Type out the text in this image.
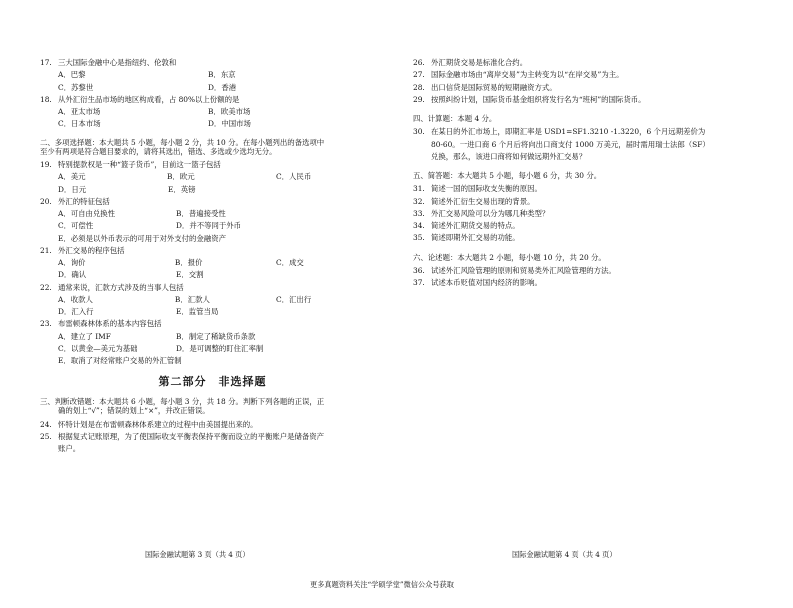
17. 三大国际金融中心是指纽约、伦敦和
A．巴黎	B．东京
C．苏黎世	D．香港
18. 从外汇衍生品市场的地区构成看，占 80%以上份额的是
A．亚太市场	B．欧美市场
C．日本市场	D．中国市场
二、多项选择题：本大题共 5 小题，每小题 2 分，共 10 分。在每小题列出的备选项中
至少有两项是符合题目要求的，请将其选出，错选、多选或少选均无分。
19. 特别提款权是一种“篮子货币”，目前这一篮子包括
A．美元	B．欧元	C．人民币
D．日元	E．英镑
20. 外汇的特征包括
A．可自由兑换性	B．普遍接受性
C．可偿性	D．并不等同于外币
E．必须是以外币表示的可用于对外支付的金融资产
21. 外汇交易的程序包括
A．询价	B．报价	C．成交
D．确认	E．交割
22. 通常来说，汇款方式涉及的当事人包括
A．收款人	B．汇款人	C．汇出行
D．汇入行	E．监管当局
23. 布雷顿森林体系的基本内容包括
A．建立了 IMF	B．制定了稀缺货币条款
C．以黄金—美元为基础	D．是可调整的盯住汇率制
E．取消了对经常账户交易的外汇管制
第二部分　非选择题
三、判断改错题：本大题共 6 小题，每小题 3 分，共 18 分。判断下列各题的正误，正
确的划上“√”；错误的划上“×”，并改正错误。
24. 怀特计划是在布雷顿森林体系建立的过程中由美国提出来的。
25. 根据复式记账原理，为了使国际收支平衡表保持平衡而设立的平衡账户是储备资产
账户。
26. 外汇期货交易是标准化合约。
27. 国际金融市场由“离岸交易”为主转变为以“在岸交易”为主。
28. 出口信贷是国际贸易的短期融资方式。
29. 按照纠纷计划，国际货币基金组织将发行名为“班柯”的国际货币。
四、计算题：本题 4 分。
30. 在某日的外汇市场上，即期汇率是 USD1=SF1.3210 -1.3220，6 个月远期差价为
80-60。一进口商 6 个月后将向出口商支付 1000 万美元，届时需用瑞士法郎（SF）
兑换，那么，该进口商将如何做远期外汇交易？
五、简答题：本大题共 5 小题，每小题 6 分，共 30 分。
31. 简述一国的国际收支失衡的原因。
32. 简述外汇衍生交易出现的背景。
33. 外汇交易风险可以分为哪几种类型？
34. 简述外汇期货交易的特点。
35. 简述即期外汇交易的功能。
六、论述题：本大题共 2 小题，每小题 10 分，共 20 分。
36. 试述外汇风险管理的原则和贸易类外汇风险管理的方法。
37. 试述本币贬值对国内经济的影响。
国际金融试题第 3 页（共 4 页）	国际金融试题第 4 页（共 4 页）
更多真题资料关注“学硕学堂”微信公众号获取
